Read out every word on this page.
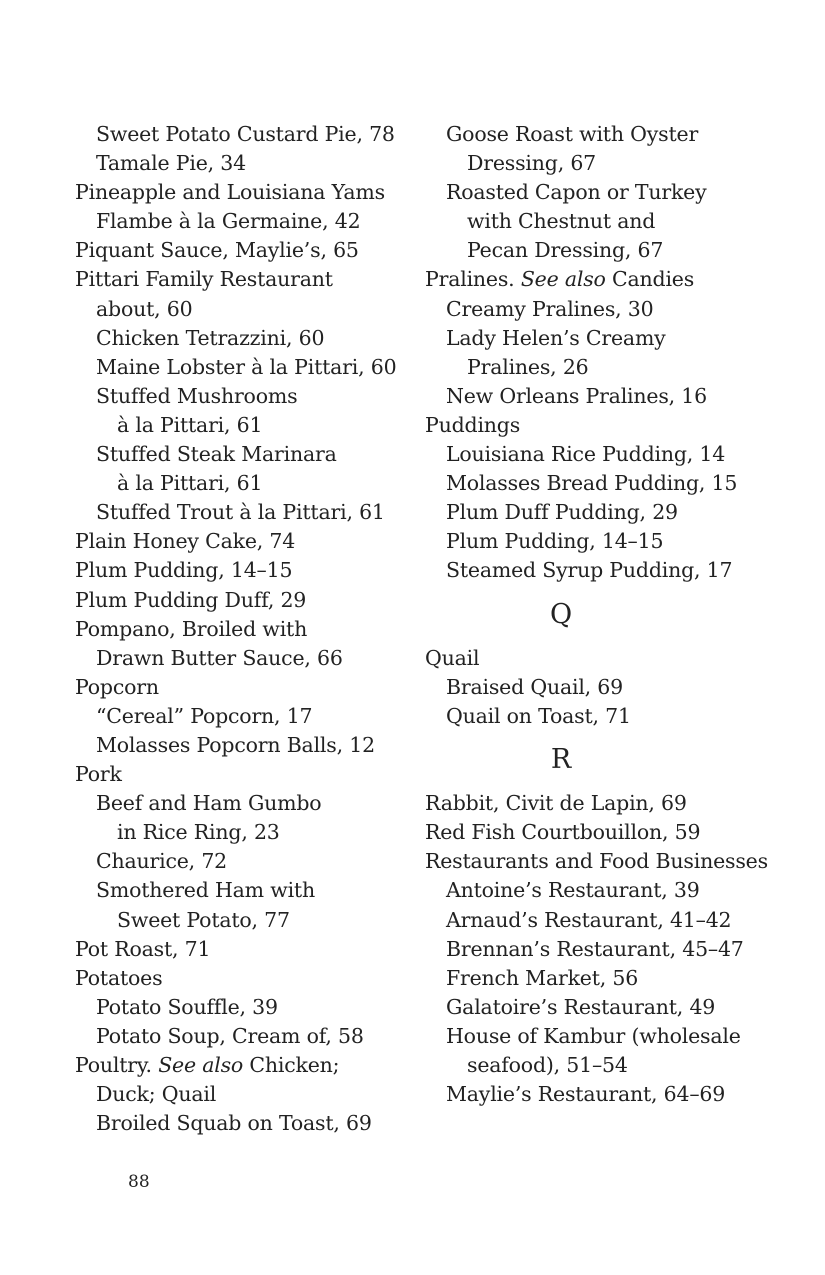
Sweet Potato Custard Pie, 78
Tamale Pie, 34
Pineapple and Louisiana Yams
Flambe à la Germaine, 42
Piquant Sauce, Maylie’s, 65
Pittari Family Restaurant
about, 60
Chicken Tetrazzini, 60
Maine Lobster à la Pittari, 60
Stuffed Mushrooms
à la Pittari, 61
Stuffed Steak Marinara
à la Pittari, 61
Stuffed Trout à la Pittari, 61
Plain Honey Cake, 74
Plum Pudding, 14–15
Plum Pudding Duff, 29
Pompano, Broiled with
Drawn Butter Sauce, 66
Popcorn
“Cereal” Popcorn, 17
Molasses Popcorn Balls, 12
Pork
Beef and Ham Gumbo
in Rice Ring, 23
Chaurice, 72
Smothered Ham with
Sweet Potato, 77
Pot Roast, 71
Potatoes
Potato Souffle, 39
Potato Soup, Cream of, 58
Poultry. See also Chicken;
Duck; Quail
Broiled Squab on Toast, 69
Goose Roast with Oyster
Dressing, 67
Roasted Capon or Turkey
with Chestnut and
Pecan Dressing, 67
Pralines. See also Candies
Creamy Pralines, 30
Lady Helen’s Creamy
Pralines, 26
New Orleans Pralines, 16
Puddings
Louisiana Rice Pudding, 14
Molasses Bread Pudding, 15
Plum Duff Pudding, 29
Plum Pudding, 14–15
Steamed Syrup Pudding, 17
Q
Quail
Braised Quail, 69
Quail on Toast, 71
R
Rabbit, Civit de Lapin, 69
Red Fish Courtbouillon, 59
Restaurants and Food Businesses
Antoine’s Restaurant, 39
Arnaud’s Restaurant, 41–42
Brennan’s Restaurant, 45–47
French Market, 56
Galatoire’s Restaurant, 49
House of Kambur (wholesale
seafood), 51–54
Maylie’s Restaurant, 64–69
88
